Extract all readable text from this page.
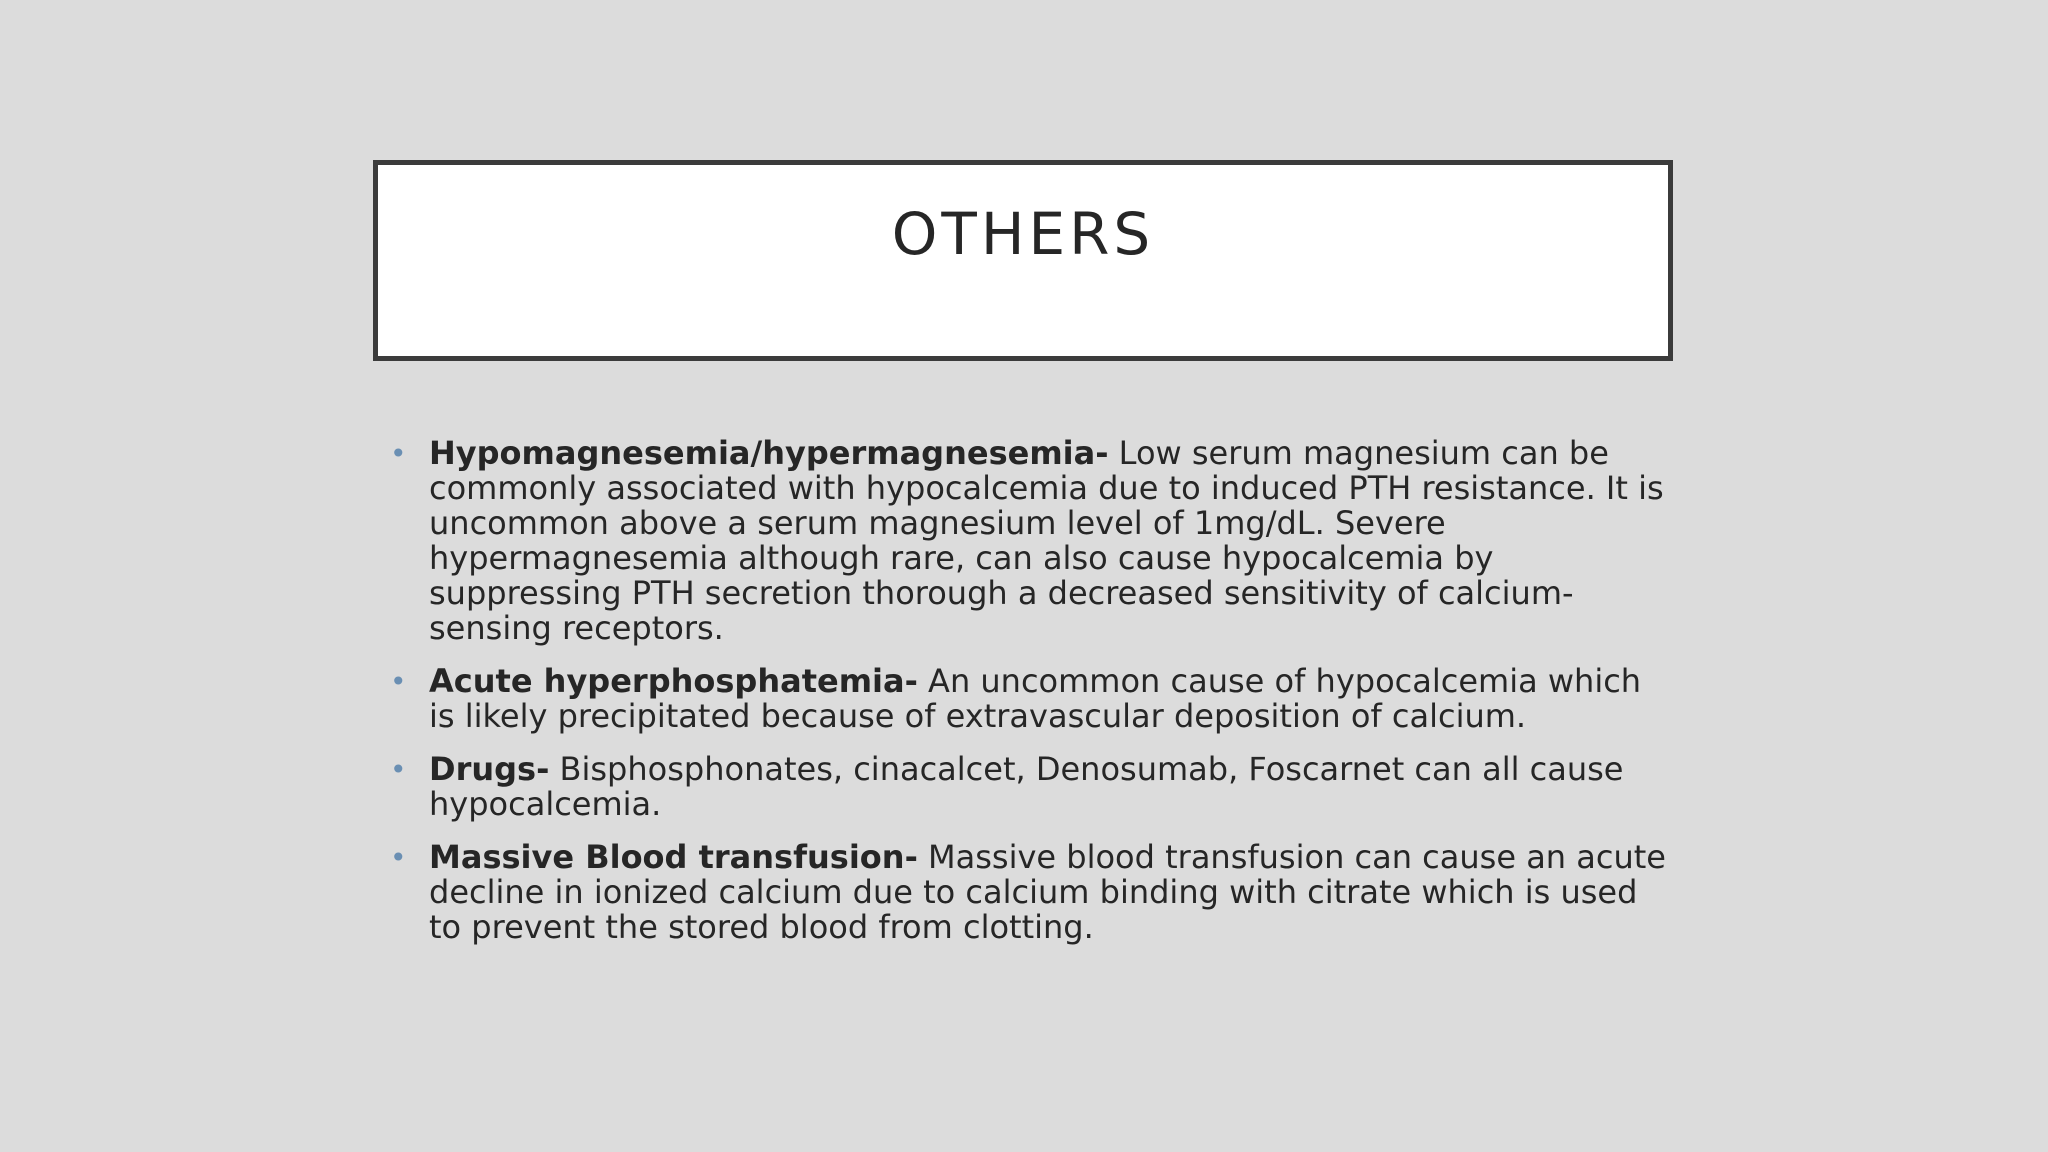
OTHERS
• Hypomagnesemia/hypermagnesemia- Low serum magnesium can be commonly associated with hypocalcemia due to induced PTH resistance. It is uncommon above a serum magnesium level of 1mg/dL. Severe hypermagnesemia although rare, can also cause hypocalcemia by suppressing PTH secretion thorough a decreased sensitivity of calcium-sensing receptors.
• Acute hyperphosphatemia- An uncommon cause of hypocalcemia which is likely precipitated because of extravascular deposition of calcium.
• Drugs- Bisphosphonates, cinacalcet, Denosumab, Foscarnet can all cause hypocalcemia.
• Massive Blood transfusion- Massive blood transfusion can cause an acute decline in ionized calcium due to calcium binding with citrate which is used to prevent the stored blood from clotting.
